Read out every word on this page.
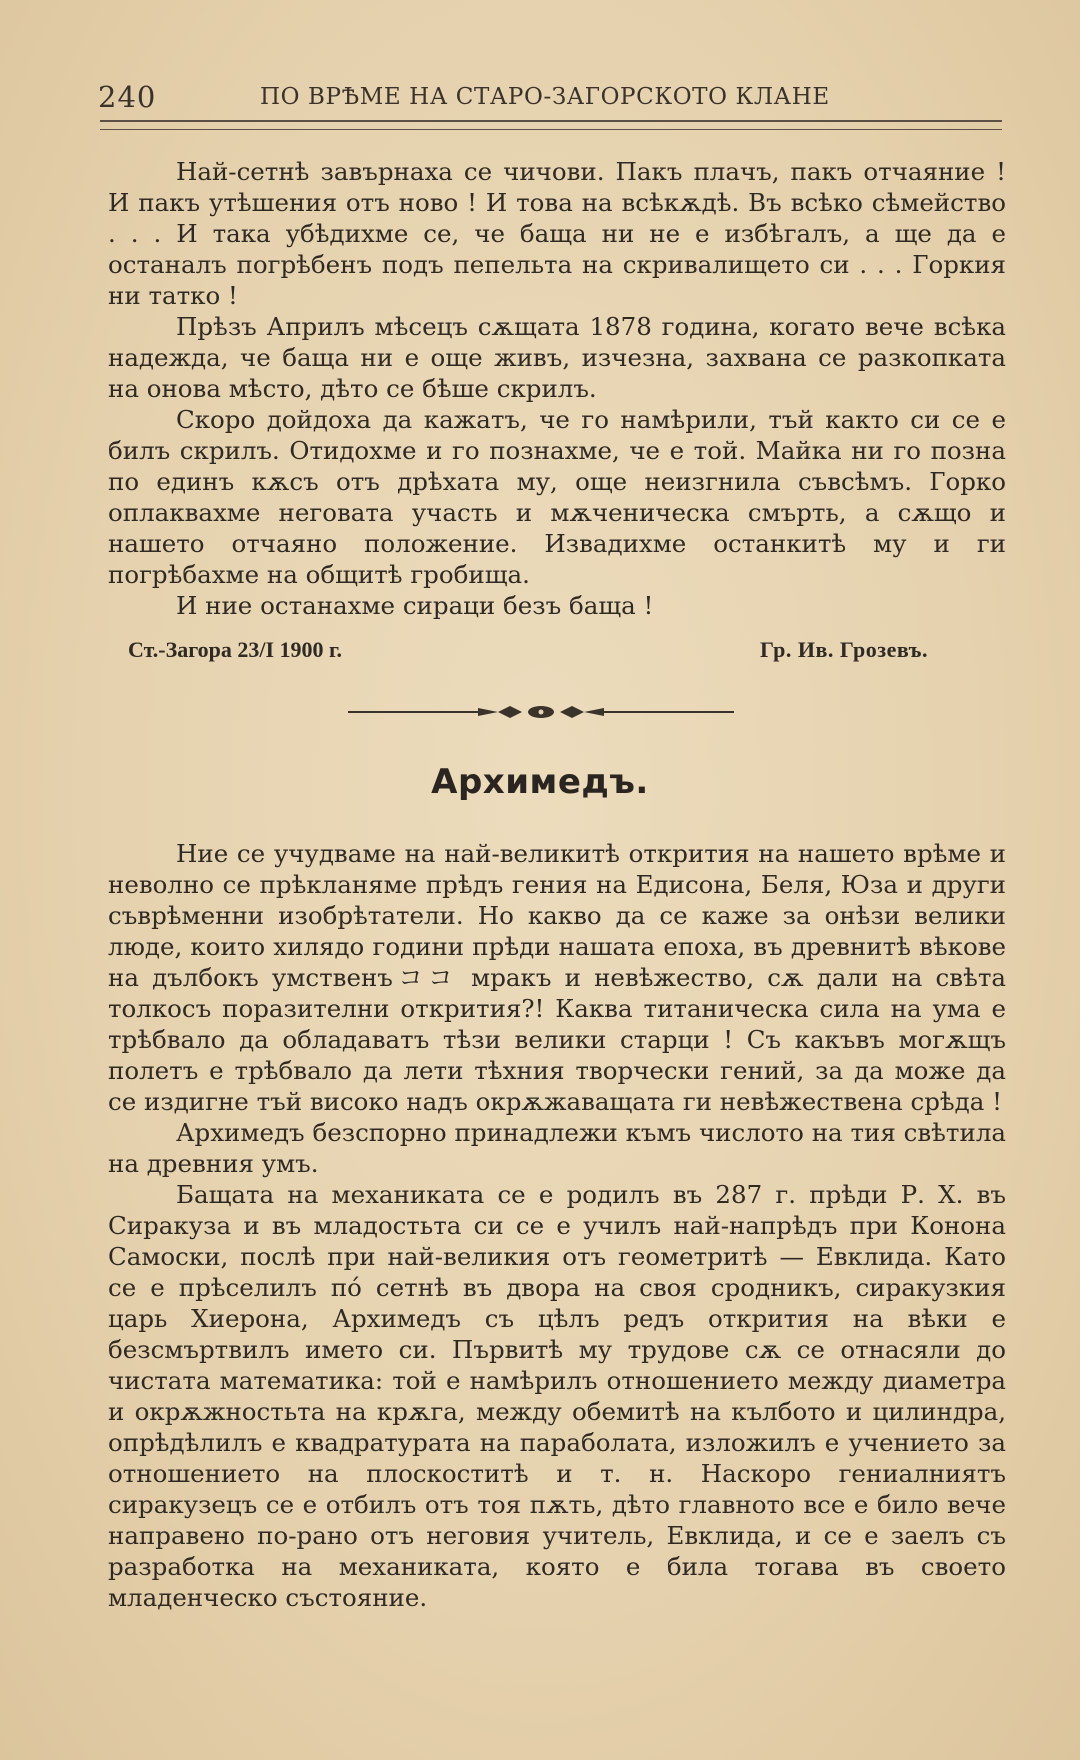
240	ПО ВРѢМЕ НА СТАРО-ЗАГОРСКОТО КЛАНЕ

Най-сетнѣ завърнаха се чичови. Пакъ плачъ, пакъ отчаяние ! И пакъ утѣшения отъ ново ! И това на всѣкѫдѣ. Въ всѣко сѣмейство . . . И така убѣдихме се, че баща ни не е избѣгалъ, а ще да е останалъ погрѣбенъ подъ пепельта на скривалището си . . . Горкия ни татко !

Прѣзъ Априлъ мѣсецъ сѫщата 1878 година, когато вече всѣка надежда, че баща ни е още живъ, изчезна, захвана се разкопката на онова мѣсто, дѣто се бѣше скрилъ.

Скоро дойдоха да кажатъ, че го намѣрили, тъй както си се е билъ скрилъ. Отидохме и го познахме, че е той. Майка ни го позна по единъ кѫсъ отъ дрѣхата му, още неизгнила съвсѣмъ. Горко оплаквахме неговата участь и мѫченическа смърть, а сѫщо и нашето отчаяно положение. Извадихме останкитѣ му и ги погрѣбахме на общитѣ гробища.

И ние останахме сираци безъ баща !

Ст.-Загора 23/I 1900 г.	Гр. Ив. Грозевъ.
Архимедъ.

Ние се учудваме на най-великитѣ открития на нашето врѣме и неволно се прѣкланяме прѣдъ гения на Едисона, Беля, Юза и други съврѣменни изобрѣтатели. Но какво да се каже за онѣзи велики люде, които хилядо години прѣди нашата епоха, въ древнитѣ вѣкове на дълбокъ умственъココ мракъ и невѣжество, сѫ дали на свѣта толкосъ поразителни открития?! Каква титаническа сила на ума е трѣбвало да обладаватъ тѣзи велики старци ! Съ какъвъ могѫщъ полетъ е трѣбвало да лети тѣхния творчески гений, за да може да се издигне тъй високо надъ окрѫжаващата ги невѣжествена срѣда !

Архимедъ безспорно принадлежи къмъ числото на тия свѣтила на древния умъ.

Бащата на механиката се е родилъ въ 287 г. прѣди Р. Х. въ Сиракуза и въ младостьта си се е училъ най-напрѣдъ при Конона Самоски, послѣ при най-великия отъ геометритѣ — Евклида. Като се е прѣселилъ по́ сетнѣ въ двора на своя сродникъ, сиракузкия царь Хиерона, Архимедъ съ цѣлъ редъ открития на вѣки е безсмъртвилъ името си. Първитѣ му трудове сѫ се отнасяли до чистата математика: той е намѣрилъ отношението между диаметра и окрѫжностьта на крѫга, между обемитѣ на кълбото и цилиндра, опрѣдѣлилъ е квадратурата на параболата, изложилъ е учението за отношението на плоскоститѣ и т. н. Наскоро гениалниятъ сиракузецъ се е отбилъ отъ тоя пѫть, дѣто главното все е било вече направено по-рано отъ неговия учитель, Евклида, и се е заелъ съ разработка на механиката, която е била тогава въ своето младенческо състояние.
